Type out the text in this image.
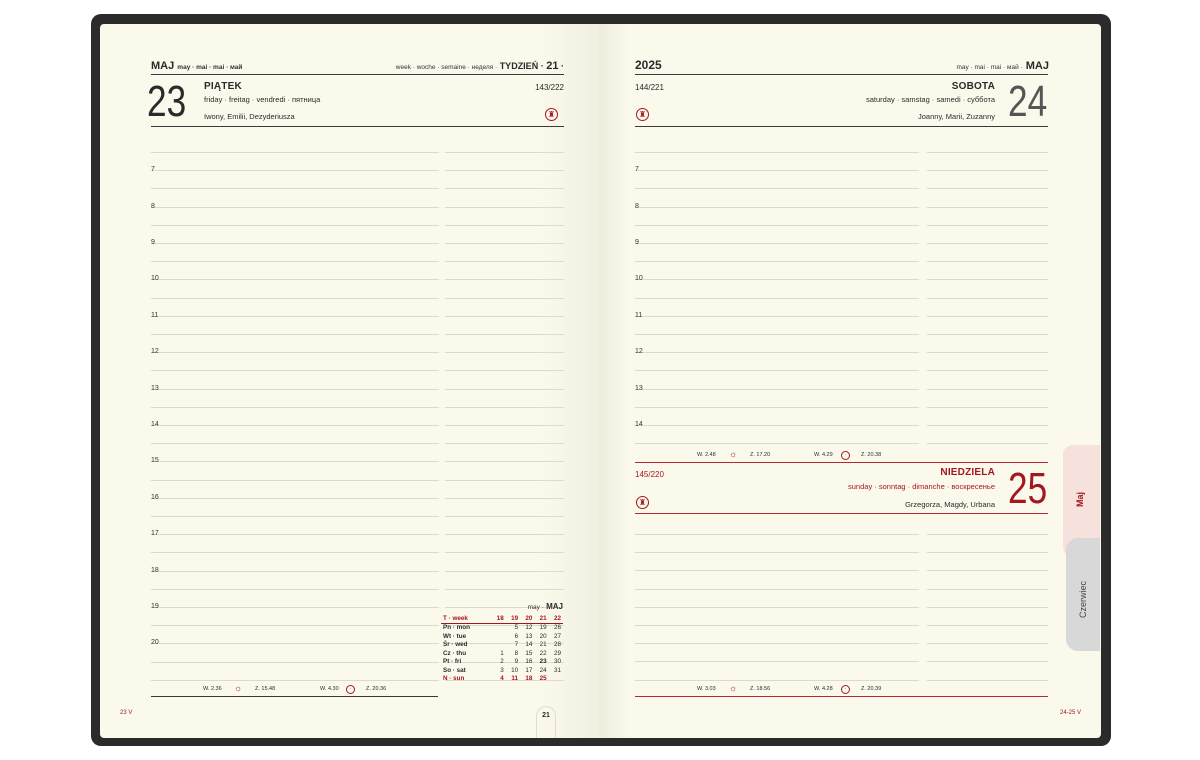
MAJ may · mai · mai · май	week · woche · semaine · неделя · TYDZIEŃ · 21 ·
23 PIĄTEK
friday · freitag · vendredi · пятница
Iwony, Emilii, Dezyderiusza
143/222
♜
7
8
9
10
11
12
13
14
15
16
17
18
19
20
may · MAJ
T · week	18	19	20	21	22
Pn · mon		5	12	19	26
Wt · tue		6	13	20	27
Śr · wed		7	14	21	28
Cz · thu	1	8	15	22	29
Pt · fri	2	9	16	23	30
So · sat	3	10	17	24	31
N · sun	4	11	18	25	
W. 2.36 ☼ Z. 15.48	W. 4.30	·	Z. 20.36
23 V	21
2025	may · mai · mai · май · MAJ
144/221	SOBOTA
saturday · samstag · samedi · суббота
Joanny, Marii, Zuzanny 24
♜
7
8
9
10
11
12
13
14
W. 2.48 ☼ Z. 17.20	W. 4.29	·	Z. 20.38
145/220	NIEDZIELA
sunday · sonntag · dimanche · воскресенье
Grzegorza, Magdy, Urbana 25
♜
W. 3.03 ☼ Z. 18.56	W. 4.28	·	Z. 20.39
24-25 V
Maj
Czerwiec
